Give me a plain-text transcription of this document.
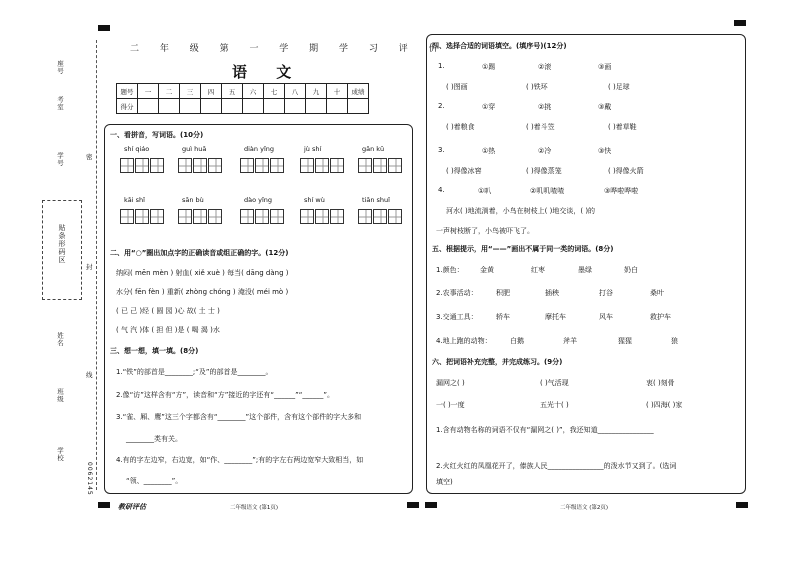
座号
考室
学号
贴条形码区
姓名
班级
学校
密
封
线
0062145
二 年 级 第 一 学 期 学 习 评 价
语 文
题号	一	二	三	四	五	六	七	八	九	十	成绩
得分											
一、看拼音，写词语。(10分)
shí qiáo	guì huā	diàn yǐng	jù shí	gān kū
kāi shǐ	sān bù	dào yǐng	shí wù	tiān shuǐ
二、用“○”圈出加点字的正确读音或组正确的字。(12分)
纳闷( mēn mèn ) 射血( xiě xuè ) 每当( dāng dàng )
水分( fēn fèn ) 重新( zhòng chóng ) 淹没( méi mò )
( 已 己 )经 ( 圆 园 )心 故( 土 士 )
( 气 汽 )体 ( 担 但 )是 ( 喝 渴 )水
三、想一想，填一填。(8分)
1.“铁”的部首是________;“及”的部首是________。
2.像“访”这样含有“方”，读音和“方”接近的字还有“______”“______”。
3.“雀、厢、鹰”这三个字都含有“________”这个部件，含有这个部件的字大多和
________类有关。
4.有的字左边窄，右边宽，如“作、________”;有的字左右两边宽窄大致相当，如
“领、________”。
教研评估	二年级语文 (第1页)
四、选择合适的词语填空。(填序号)(12分)
1.	①踢	②滚	③画
( )图画	( )铁环	( )足球
2.	①穿	②挑	③戴
( )着粮食	( )着斗笠	( )着草鞋
3.	①热	②冷	③快
( )得像冰窖	( )得像蒸笼	( )得像火箭
4.	①叭	②叽叽喳喳	③哗啦哗啦
河水( )地流淌着，小鸟在树枝上( )地交谈，( )的
一声树枝断了，小鸟被吓飞了。
五、根据提示，用“——”画出不属于同一类的词语。(8分)
1.颜色： 金黄	红枣	墨绿	奶白
2.农事活动：	积肥	插秧	打谷	桑叶
3.交通工具：	轿车	摩托车	风车	救护车
4.地上跑的动物：	白鹅	斧羊	猩猩	狼
六、把词语补充完整，并完成练习。(9分)
漏网之( )	( )气活现	衷( )刻骨
一( )一度	五光十( )	( )四海( )家
1.含有动物名称的词语不仅有“漏网之( )”，我还知道________________
2.火红火红的凤凰花开了，傣族人民________________的泼水节又到了。(选词
填空)
二年级语文 (第2页)
